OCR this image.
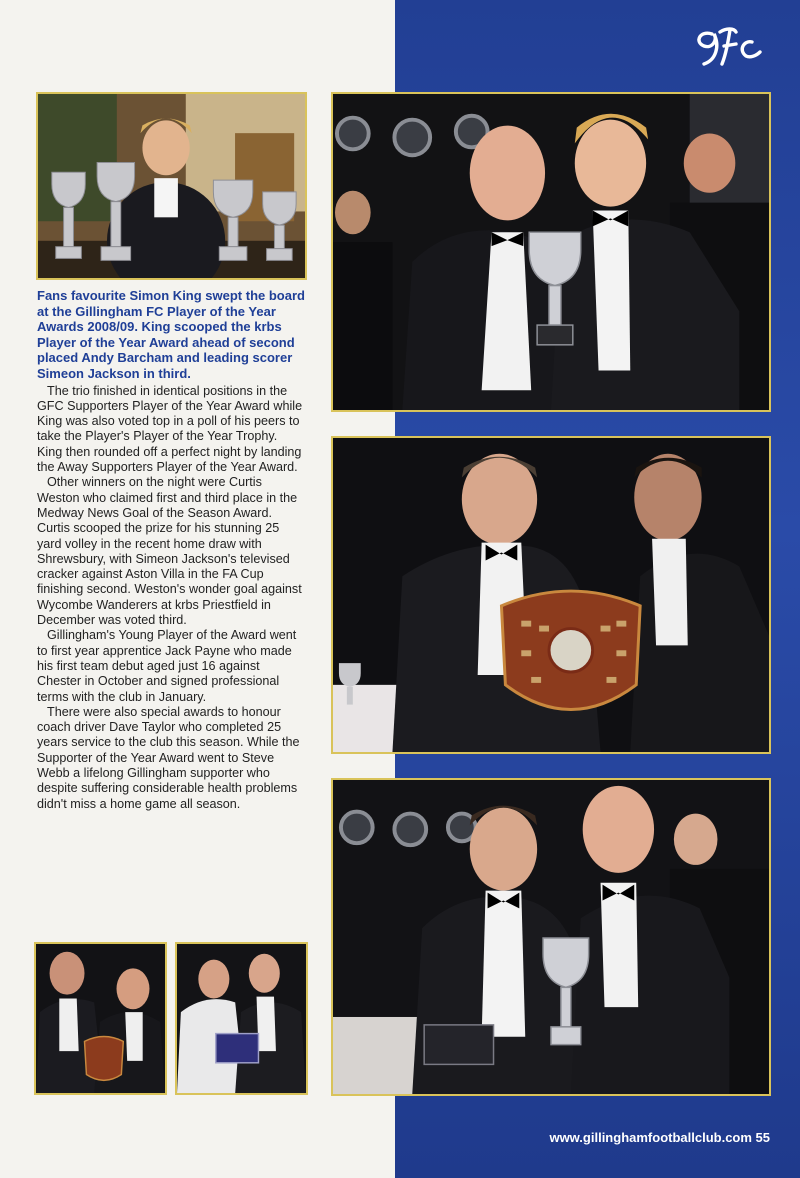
Fans favourite Simon King swept the board at the Gillingham FC Player of the Year Awards 2008/09. King scooped the krbs Player of the Year Award ahead of second placed Andy Barcham and leading scorer Simeon Jackson in third.

The trio finished in identical positions in the GFC Supporters Player of the Year Award while King was also voted top in a poll of his peers to take the Player's Player of the Year Trophy. King then rounded off a perfect night by landing the Away Supporters Player of the Year Award.

Other winners on the night were Curtis Weston who claimed first and third place in the Medway News Goal of the Season Award. Curtis scooped the prize for his stunning 25 yard volley in the recent home draw with Shrewsbury, with Simeon Jackson's televised cracker against Aston Villa in the FA Cup finishing second. Weston's wonder goal against Wycombe Wanderers at krbs Priestfield in December was voted third.

Gillingham's Young Player of the Award went to first year apprentice Jack Payne who made his first team debut aged just 16 against Chester in October and signed professional terms with the club in January.

There were also special awards to honour coach driver Dave Taylor who completed 25 years service to the club this season. While the Supporter of the Year Award went to Steve Webb a lifelong Gillingham supporter who despite suffering considerable health problems didn't miss a home game all season.

www.gillinghamfootballclub.com 55
